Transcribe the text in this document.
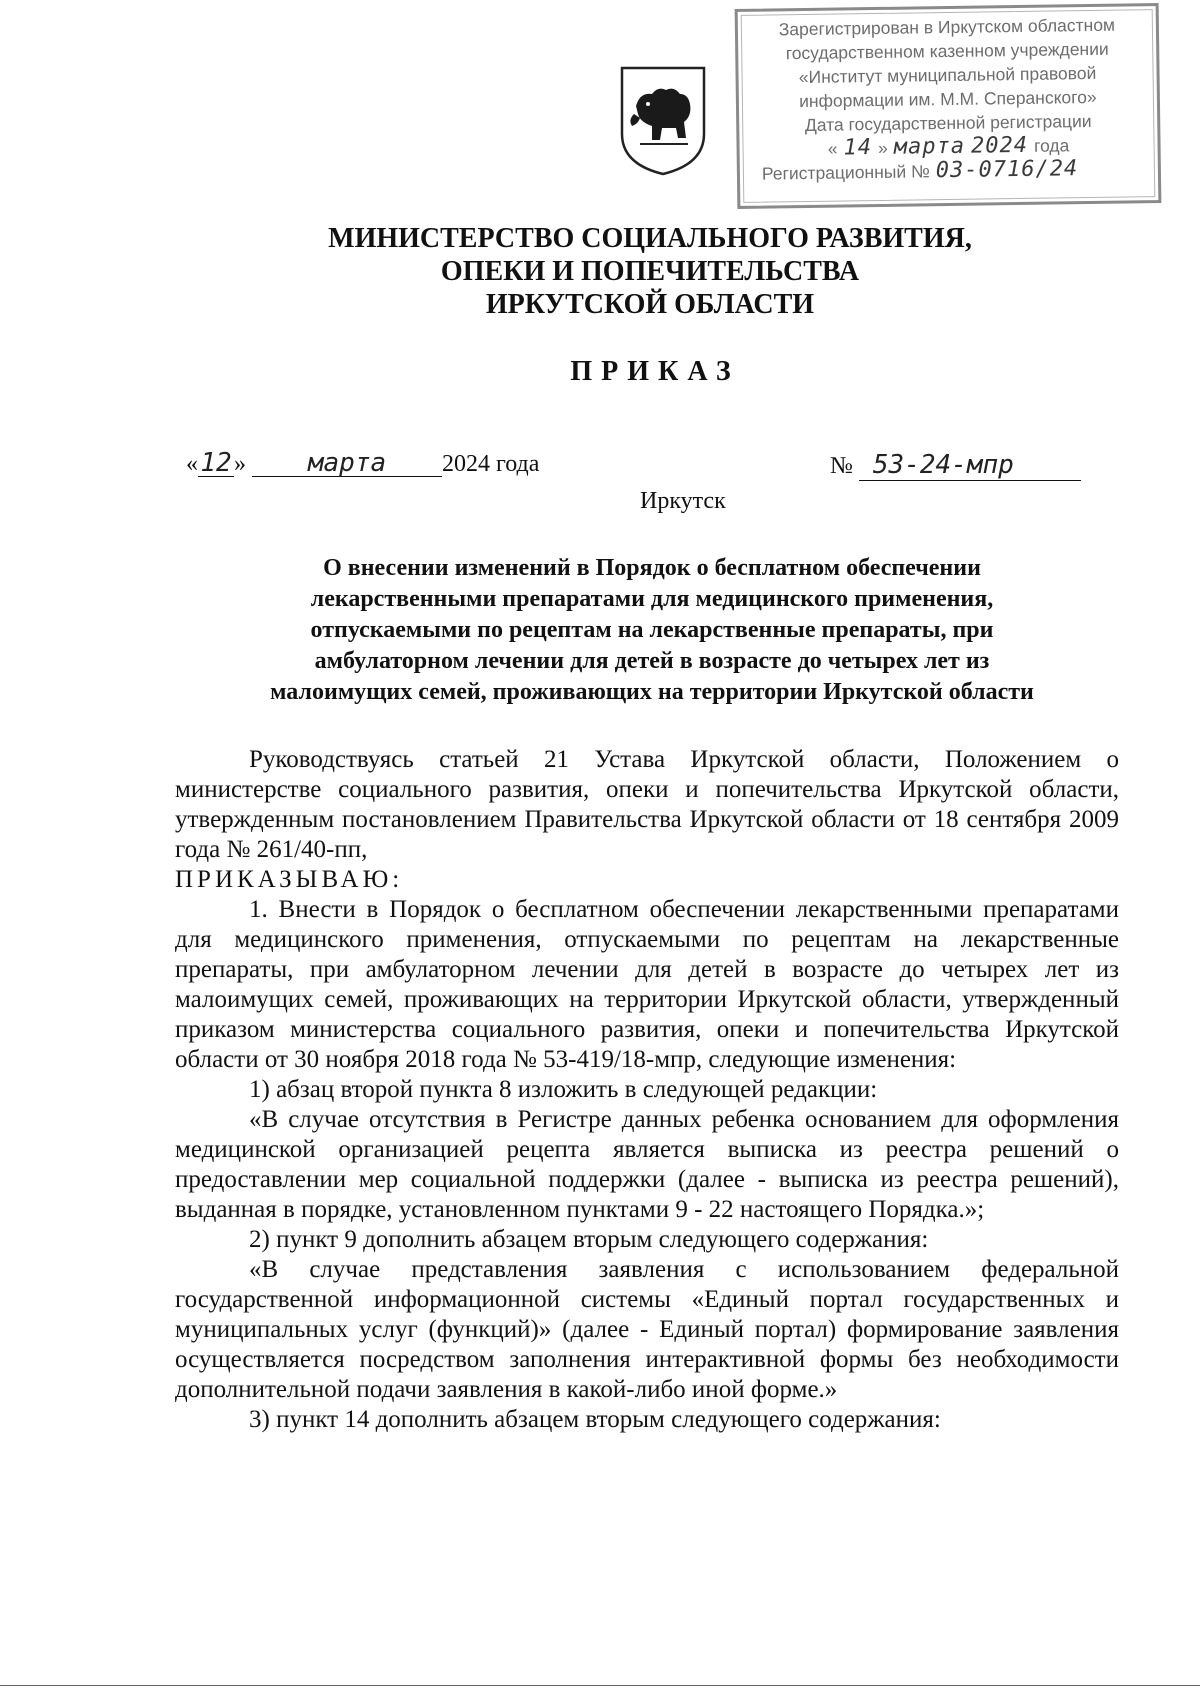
Зарегистрирован в Иркутском областном
государственном казенном учреждении
«Институт муниципальной правовой
информации им. М.М. Сперанского»
Дата государственной регистрации
« 14 » марта 2024 года
Регистрационный № 03-0716/24
МИНИСТЕРСТВО СОЦИАЛЬНОГО РАЗВИТИЯ,
ОПЕКИ И ПОПЕЧИТЕЛЬСТВА
ИРКУТСКОЙ ОБЛАСТИ
ПРИКАЗ
«12» марта 2024 года	№ 53-24-мпр
Иркутск
О внесении изменений в Порядок о бесплатном обеспечении
лекарственными препаратами для медицинского применения,
отпускаемыми по рецептам на лекарственные препараты, при
амбулаторном лечении для детей в возрасте до четырех лет из
малоимущих семей, проживающих на территории Иркутской области

Руководствуясь статьей 21 Устава Иркутской области, Положением о министерстве социального развития, опеки и попечительства Иркутской области, утвержденным постановлением Правительства Иркутской области от 18 сентября 2009 года № 261/40-пп,

ПРИКАЗЫВАЮ:

1. Внести в Порядок о бесплатном обеспечении лекарственными препаратами для медицинского применения, отпускаемыми по рецептам на лекарственные препараты, при амбулаторном лечении для детей в возрасте до четырех лет из малоимущих семей, проживающих на территории Иркутской области, утвержденный приказом министерства социального развития, опеки и попечительства Иркутской области от 30 ноября 2018 года № 53-419/18-мпр, следующие изменения:

1) абзац второй пункта 8 изложить в следующей редакции:

«В случае отсутствия в Регистре данных ребенка основанием для оформления медицинской организацией рецепта является выписка из реестра решений о предоставлении мер социальной поддержки (далее - выписка из реестра решений), выданная в порядке, установленном пунктами 9 - 22 настоящего Порядка.»;

2) пункт 9 дополнить абзацем вторым следующего содержания:

«В случае представления заявления с использованием федеральной государственной информационной системы «Единый портал государственных и муниципальных услуг (функций)» (далее - Единый портал) формирование заявления осуществляется посредством заполнения интерактивной формы без необходимости дополнительной подачи заявления в какой-либо иной форме.»

3) пункт 14 дополнить абзацем вторым следующего содержания:
